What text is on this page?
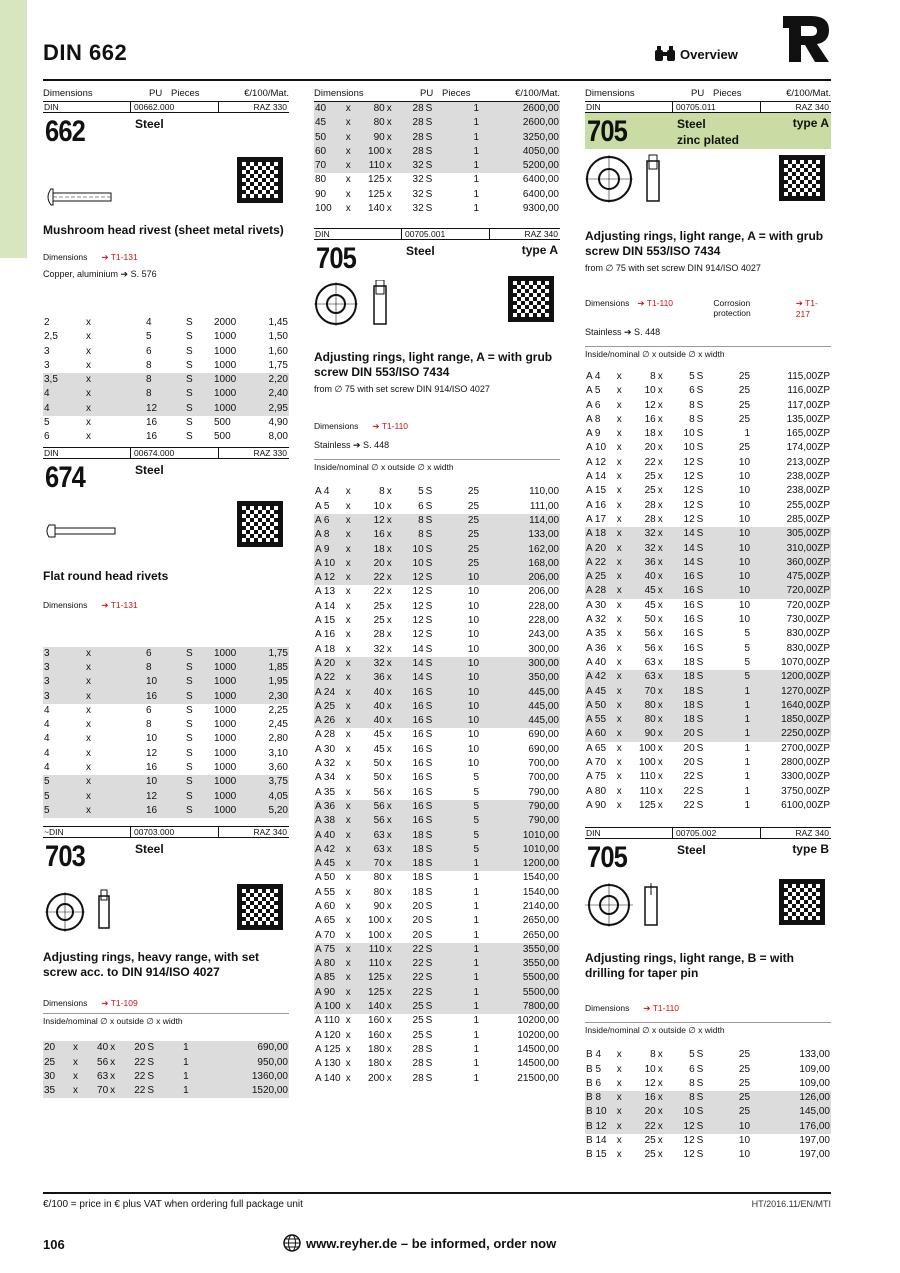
DIN 662	Overview
Dimensions	PU Pieces	€/100/Mat.
DIN	00662.000	RAZ 330
662	Steel
Mushroom head rivest (sheet metal rivets)
Dimensions ➔ T1-131
Copper, aluminium ➔ S. 576
2	x	4	S	2000	1,45
2,5	x	5	S	1000	1,50
3	x	6	S	1000	1,60
3	x	8	S	1000	1,75
3,5	x	8	S	1000	2,20
4	x	8	S	1000	2,40
4	x	12	S	1000	2,95
5	x	16	S	500	4,90
6	x	16	S	500	8,00
DIN	00674.000	RAZ 330
674	Steel
Flat round head rivets
Dimensions ➔ T1-131
3	x	6	S	1000	1,75
3	x	8	S	1000	1,85
3	x	10	S	1000	1,95
3	x	16	S	1000	2,30
4	x	6	S	1000	2,25
4	x	8	S	1000	2,45
4	x	10	S	1000	2,80
4	x	12	S	1000	3,10
4	x	16	S	1000	3,60
5	x	10	S	1000	3,75
5	x	12	S	1000	4,05
5	x	16	S	1000	5,20
~DIN	00703.000	RAZ 340
703	Steel
Adjusting rings, heavy range, with set screw acc. to DIN 914/ISO 4027
Dimensions ➔ T1-109
Inside/nominal ∅ x outside ∅ x width
20	x	40	x	20	S	1	690,00
25	x	56	x	22	S	1	950,00
30	x	63	x	22	S	1	1360,00
35	x	70	x	22	S	1	1520,00
Dimensions	PU Pieces	€/100/Mat.
40	x	80	x	28	S	1	2600,00
45	x	80	x	28	S	1	2600,00
50	x	90	x	28	S	1	3250,00
60	x	100	x	28	S	1	4050,00
70	x	110	x	32	S	1	5200,00
80	x	125	x	32	S	1	6400,00
90	x	125	x	32	S	1	6400,00
100	x	140	x	32	S	1	9300,00
DIN	00705.001	RAZ 340
705	Steel	type A
Adjusting rings, light range, A = with grub screw DIN 553/ISO 7434
from ∅ 75 with set screw DIN 914/ISO 4027
Dimensions ➔ T1-110
Stainless ➔ S. 448
Inside/nominal ∅ x outside ∅ x width
A 4	x	8	x	5	S	25	110,00
A 5	x	10	x	6	S	25	111,00
A 6	x	12	x	8	S	25	114,00
A 8	x	16	x	8	S	25	133,00
A 9	x	18	x	10	S	25	162,00
A 10	x	20	x	10	S	25	168,00
A 12	x	22	x	12	S	10	206,00
A 13	x	22	x	12	S	10	206,00
A 14	x	25	x	12	S	10	228,00
A 15	x	25	x	12	S	10	228,00
A 16	x	28	x	12	S	10	243,00
A 18	x	32	x	14	S	10	300,00
A 20	x	32	x	14	S	10	300,00
A 22	x	36	x	14	S	10	350,00
A 24	x	40	x	16	S	10	445,00
A 25	x	40	x	16	S	10	445,00
A 26	x	40	x	16	S	10	445,00
A 28	x	45	x	16	S	10	690,00
A 30	x	45	x	16	S	10	690,00
A 32	x	50	x	16	S	10	700,00
A 34	x	50	x	16	S	5	700,00
A 35	x	56	x	16	S	5	790,00
A 36	x	56	x	16	S	5	790,00
A 38	x	56	x	16	S	5	790,00
A 40	x	63	x	18	S	5	1010,00
A 42	x	63	x	18	S	5	1010,00
A 45	x	70	x	18	S	1	1200,00
A 50	x	80	x	18	S	1	1540,00
A 55	x	80	x	18	S	1	1540,00
A 60	x	90	x	20	S	1	2140,00
A 65	x	100	x	20	S	1	2650,00
A 70	x	100	x	20	S	1	2650,00
A 75	x	110	x	22	S	1	3550,00
A 80	x	110	x	22	S	1	3550,00
A 85	x	125	x	22	S	1	5500,00
A 90	x	125	x	22	S	1	5500,00
A 100	x	140	x	25	S	1	7800,00
A 110	x	160	x	25	S	1	10200,00
A 120	x	160	x	25	S	1	10200,00
A 125	x	180	x	28	S	1	14500,00
A 130	x	180	x	28	S	1	14500,00
A 140	x	200	x	28	S	1	21500,00
Dimensions	PU Pieces	€/100/Mat.
DIN	00705.011	RAZ 340
705	Steel
zinc plated
type A
Adjusting rings, light range, A = with grub screw DIN 553/ISO 7434
from ∅ 75 with set screw DIN 914/ISO 4027
Dimensions ➔ T1-110	Corrosion protection
➔ T1-217
Stainless ➔ S. 448
Inside/nominal ∅ x outside ∅ x width
A 4	x	8	x	5	S	25	115,00ZP
A 5	x	10	x	6	S	25	116,00ZP
A 6	x	12	x	8	S	25	117,00ZP
A 8	x	16	x	8	S	25	135,00ZP
A 9	x	18	x	10	S	1	165,00ZP
A 10	x	20	x	10	S	25	174,00ZP
A 12	x	22	x	12	S	10	213,00ZP
A 14	x	25	x	12	S	10	238,00ZP
A 15	x	25	x	12	S	10	238,00ZP
A 16	x	28	x	12	S	10	255,00ZP
A 17	x	28	x	12	S	10	285,00ZP
A 18	x	32	x	14	S	10	305,00ZP
A 20	x	32	x	14	S	10	310,00ZP
A 22	x	36	x	14	S	10	360,00ZP
A 25	x	40	x	16	S	10	475,00ZP
A 28	x	45	x	16	S	10	720,00ZP
A 30	x	45	x	16	S	10	720,00ZP
A 32	x	50	x	16	S	10	730,00ZP
A 35	x	56	x	16	S	5	830,00ZP
A 36	x	56	x	16	S	5	830,00ZP
A 40	x	63	x	18	S	5	1070,00ZP
A 42	x	63	x	18	S	5	1200,00ZP
A 45	x	70	x	18	S	1	1270,00ZP
A 50	x	80	x	18	S	1	1640,00ZP
A 55	x	80	x	18	S	1	1850,00ZP
A 60	x	90	x	20	S	1	2250,00ZP
A 65	x	100	x	20	S	1	2700,00ZP
A 70	x	100	x	20	S	1	2800,00ZP
A 75	x	110	x	22	S	1	3300,00ZP
A 80	x	110	x	22	S	1	3750,00ZP
A 90	x	125	x	22	S	1	6100,00ZP
DIN	00705.002	RAZ 340
705	Steel	type B
Adjusting rings, light range, B = with drilling for taper pin
Dimensions ➔ T1-110
Inside/nominal ∅ x outside ∅ x width
B 4	x	8	x	5	S	25	133,00
B 5	x	10	x	6	S	25	109,00
B 6	x	12	x	8	S	25	109,00
B 8	x	16	x	8	S	25	126,00
B 10	x	20	x	10	S	25	145,00
B 12	x	22	x	12	S	10	176,00
B 14	x	25	x	12	S	10	197,00
B 15	x	25	x	12	S	10	197,00
€/100 = price in € plus VAT when ordering full package unit	HT/2016.11/EN/MTI
106	www.reyher.de – be informed, order now
